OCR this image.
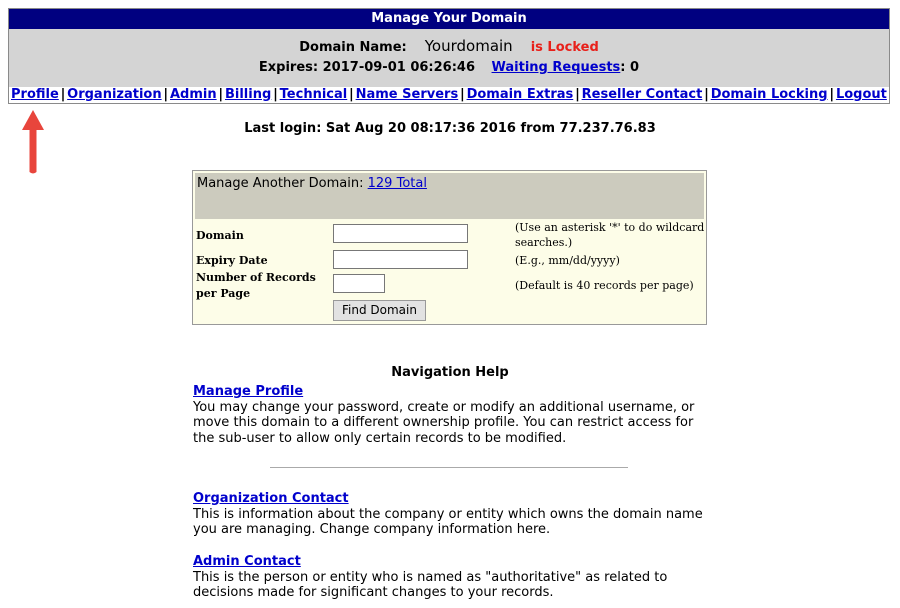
Manage Your Domain
Domain Name: Yourdomain is Locked
Expires: 2017-09-01 06:26:46 Waiting Requests: 0
Profile | Organization | Admin | Billing | Technical | Name Servers | Domain Extras | Reseller Contact | Domain Locking | Logout
Last login: Sat Aug 20 08:17:36 2016 from 77.237.76.83
Manage Another Domain: 129 Total
Domain
(Use an asterisk '*' to do wildcard searches.)
Expiry Date	(E.g., mm/dd/yyyy)
Number of Records
per Page
(Default is 40 records per page)
Find Domain
Navigation Help
Manage Profile
You may change your password, create or modify an additional username, or move this domain to a different ownership profile. You can restrict access for the sub-user to allow only certain records to be modified.
Organization Contact
This is information about the company or entity which owns the domain name you are managing. Change company information here.
Admin Contact
This is the person or entity who is named as "authoritative" as related to decisions made for significant changes to your records.
